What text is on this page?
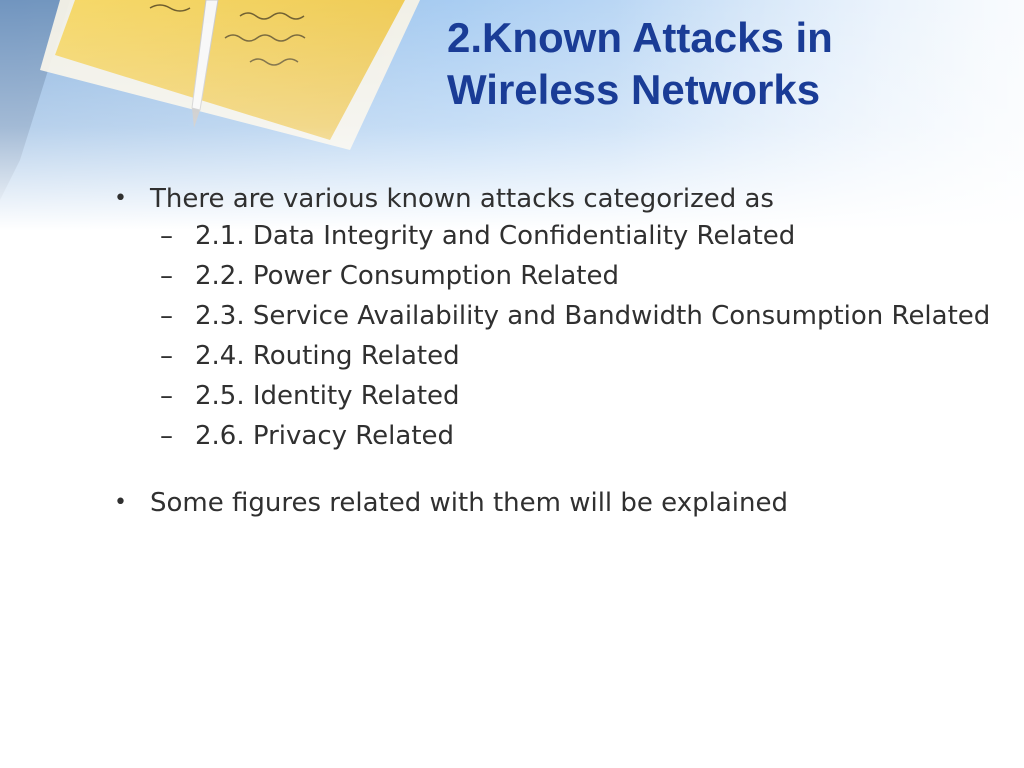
2.Known Attacks in
Wireless Networks
• There are various known attacks categorized as
– 2.1. Data Integrity and Confidentiality Related
– 2.2. Power Consumption Related
– 2.3. Service Availability and Bandwidth Consumption Related
– 2.4. Routing Related
– 2.5. Identity Related
– 2.6. Privacy Related
• Some figures related with them will be explained
